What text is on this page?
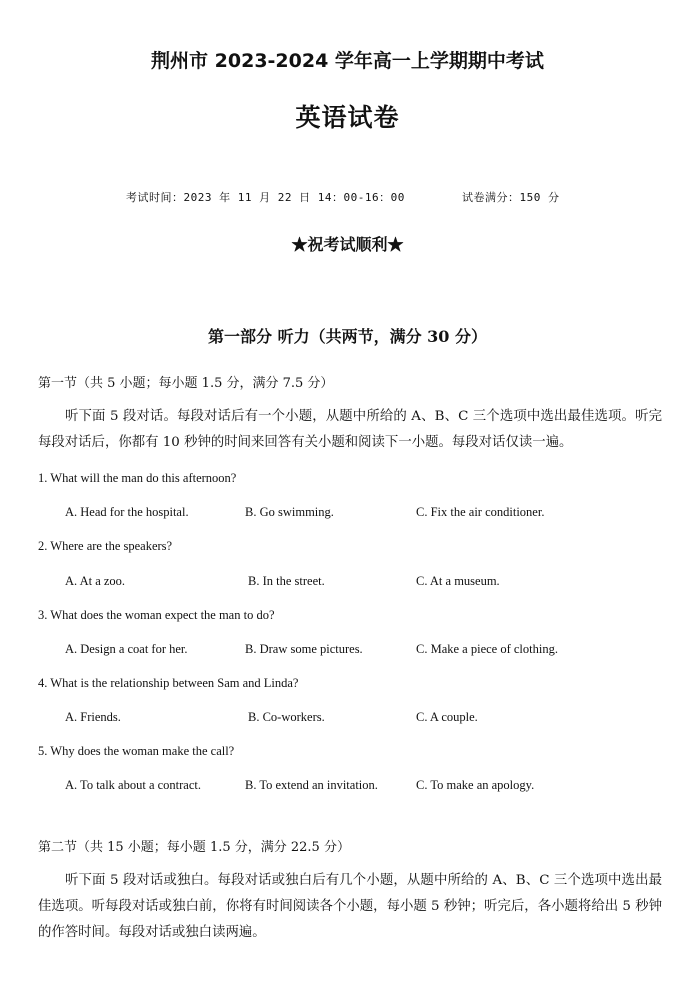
荆州市 2023-2024 学年高一上学期期中考试
英语试卷
考试时间：2023 年 11 月 22 日 14：00-16：00	试卷满分：150 分
★祝考试顺利★
第一部分 听力（共两节，满分 30 分）
第一节（共 5 小题；每小题 1.5 分，满分 7.5 分）

听下面 5 段对话。每段对话后有一个小题，从题中所给的 A、B、C 三个选项中选出最佳选项。听完每段对话后，你都有 10 秒钟的时间来回答有关小题和阅读下一小题。每段对话仅读一遍。

1. What will the man do this afternoon?
A. Head for the hospital.	B. Go swimming.	C. Fix the air conditioner.
2. Where are the speakers?
A. At a zoo.	B. In the street.	C. At a museum.
3. What does the woman expect the man to do?
A. Design a coat for her.	B. Draw some pictures.	C. Make a piece of clothing.
4. What is the relationship between Sam and Linda?
A. Friends.	B. Co-workers.	C. A couple.
5. Why does the woman make the call?
A. To talk about a contract.	B. To extend an invitation.	C. To make an apology.
第二节（共 15 小题；每小题 1.5 分，满分 22.5 分）

听下面 5 段对话或独白。每段对话或独白后有几个小题，从题中所给的 A、B、C 三个选项中选出最佳选项。听每段对话或独白前，你将有时间阅读各个小题，每小题 5 秒钟；听完后，各小题将给出 5 秒钟的作答时间。每段对话或独白读两遍。
